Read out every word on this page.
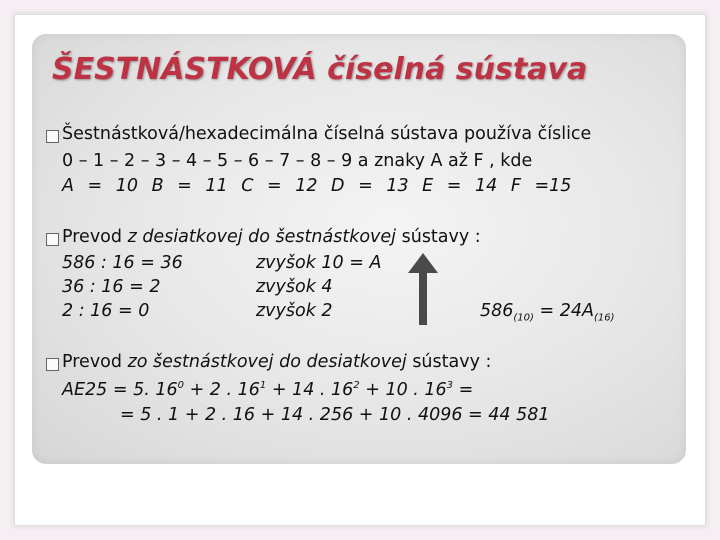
ŠESTNÁSTKOVÁ číselná sústava
Šestnástková/hexadecimálna číselná sústava používa číslice
0 – 1 – 2 – 3 – 4 – 5 – 6 – 7 – 8 – 9 a znaky A až F , kde
A = 10 B = 11 C = 12 D = 13 E = 14 F =15
Prevod z desiatkovej do šestnástkovej sústavy :
586 : 16 = 36	zvyšok 10 = A
36 : 16 = 2	zvyšok 4
2 : 16 = 0	zvyšok 2	$586_{(10)} = 24A_{(16)}$
Prevod zo šestnástkovej do desiatkovej sústavy :
AE25 = 5. $16^0 + 2$ . $16^1 + 14$ . $16^2 + 10$ . $16^3$ =
= 5 . 1 + 2 . 16 + 14 . 256 + 10 . 4096 = 44 581
